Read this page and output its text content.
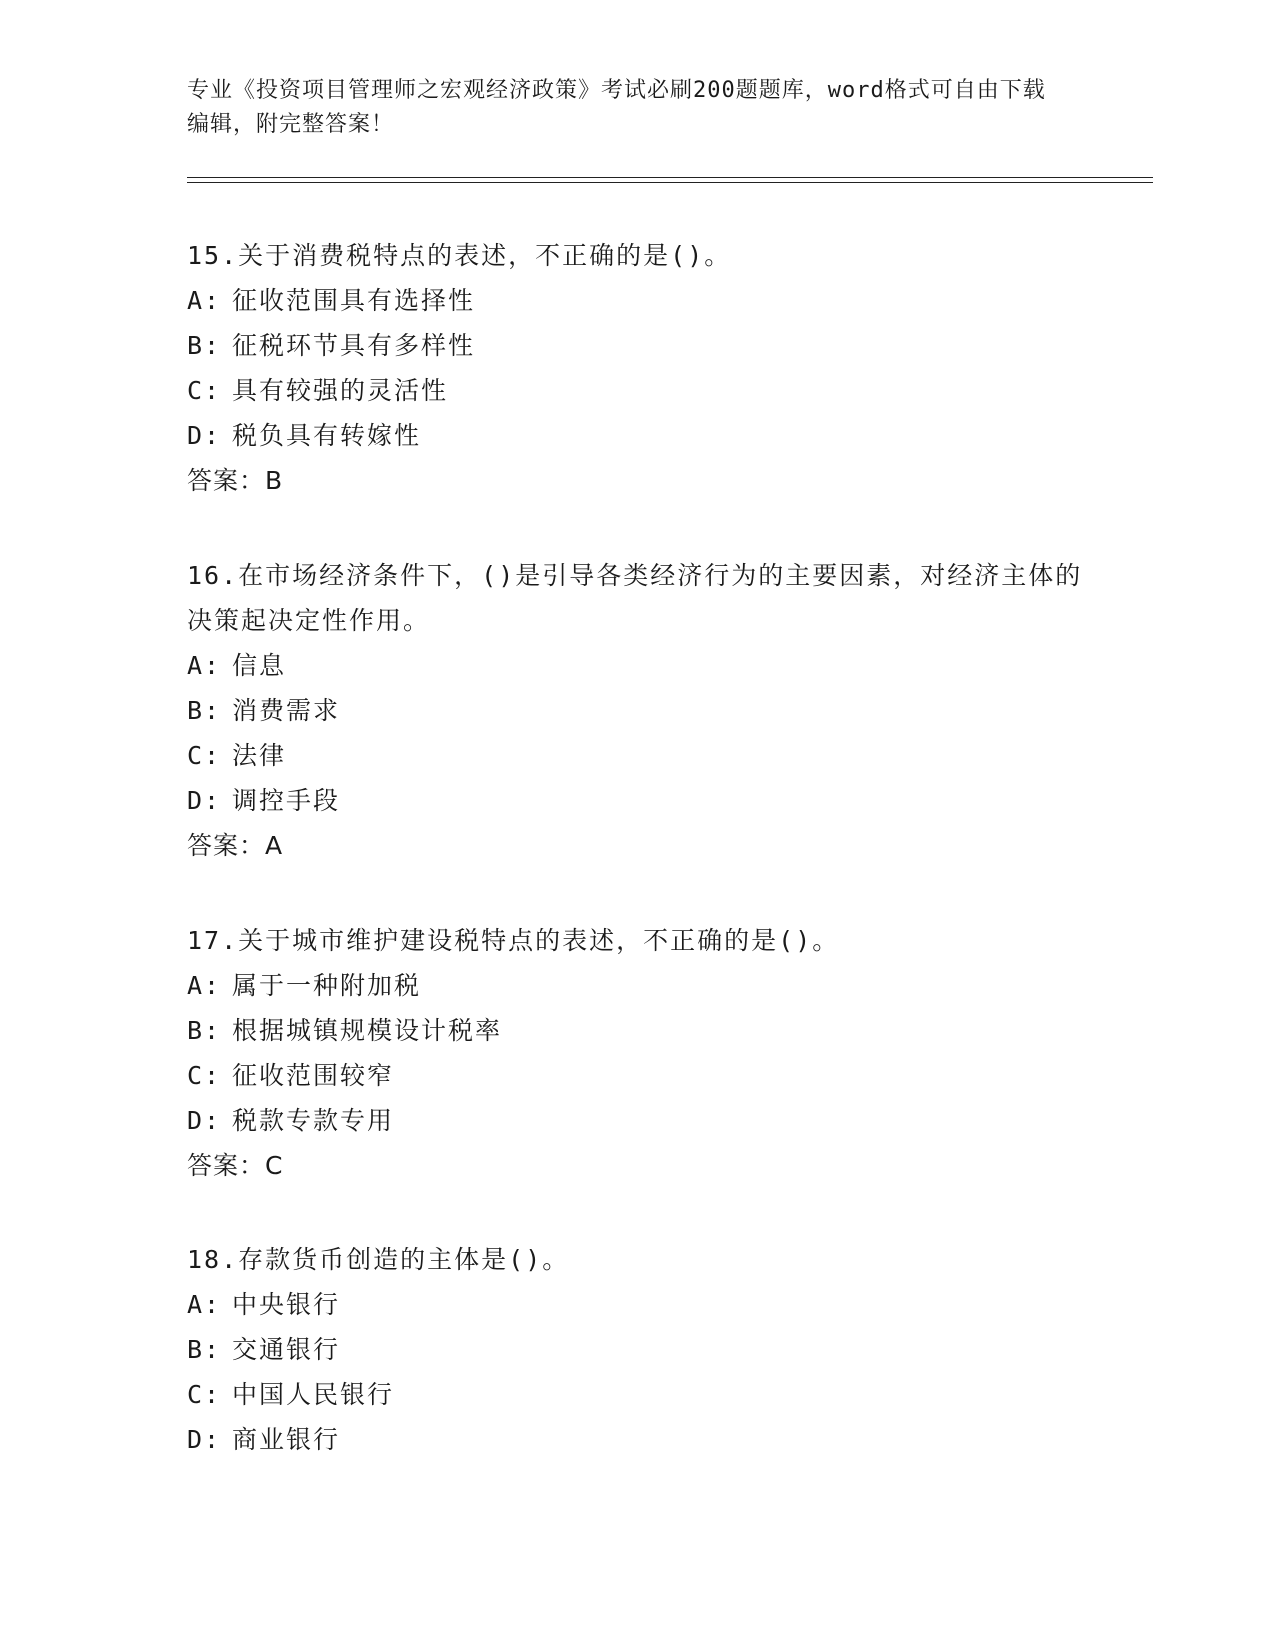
专业《投资项目管理师之宏观经济政策》考试必刷200题题库，word格式可自由下载编辑，附完整答案！

15.关于消费税特点的表述，不正确的是()。

A: 征收范围具有选择性

B: 征税环节具有多样性

C: 具有较强的灵活性

D: 税负具有转嫁性

答案：B

16.在市场经济条件下，()是引导各类经济行为的主要因素，对经济主体的决策起决定性作用。

A: 信息

B: 消费需求

C: 法律

D: 调控手段

答案：A

17.关于城市维护建设税特点的表述，不正确的是()。

A: 属于一种附加税

B: 根据城镇规模设计税率

C: 征收范围较窄

D: 税款专款专用

答案：C

18.存款货币创造的主体是()。

A: 中央银行

B: 交通银行

C: 中国人民银行

D: 商业银行
